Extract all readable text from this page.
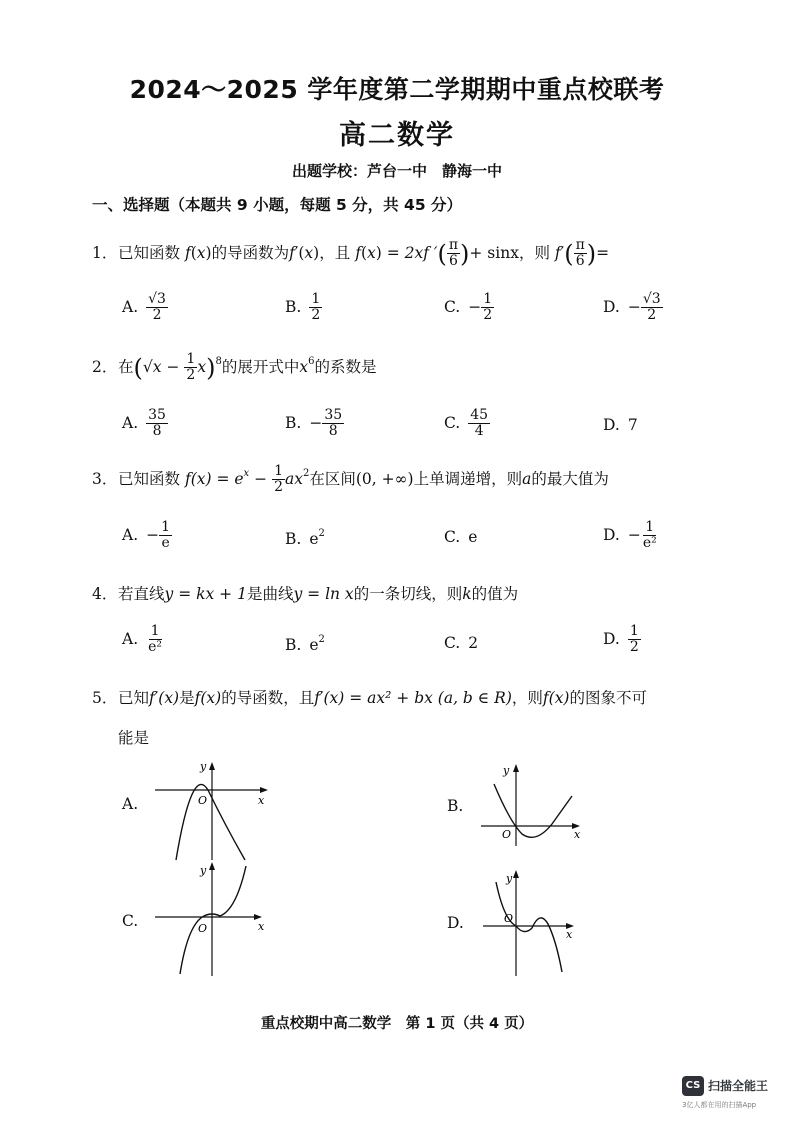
2024～2025 学年度第二学期期中重点校联考
高二数学
出题学校：芦台一中　静海一中
一、选择题（本题共 9 小题，每题 5 分，共 45 分）
1．已知函数 f(x)的导函数为f′(x)，且 f(x) = 2xf ′( $\frac{\pi}{6}$ )+ sinx，则 $f'( \frac{\pi}{6}$ )=
A. $\frac{√3}{2}$	B. $\frac{1}{2}$	C. − $\frac{1}{2}$	D. − $\frac{√3}{2}$
2．在$(√x - \frac{1}{2} x)^8$的展开式中$x^6$的系数是
A. $\frac{35}{8}$	B. − $\frac{35}{8}$	C. $\frac{45}{4}$	D. 7
3．已知函数 $f(x) = e^x - \frac{1}{2} ax^2$在区间(0, +∞)上单调递增，则a的最大值为
A. − $\frac{1}{e}$	B. $e^2$	C. e	D. − $\frac{1}{\text{e²}}$
4．若直线y = kx + 1是曲线y = ln x的一条切线，则k的值为
A. $\frac{1}{\text{e²}}$	B. $e^2$	C. 2	D. $\frac{1}{2}$
5．已知f′(x)是f(x)的导函数，且f′(x) = ax² + bx (a, b ∈ R)，则f(x)的图象不可
能是
A.	x
y
O	B.
x
y
O
C.	x
y
O	D.
x
y
O
重点校期中高二数学　第 1 页（共 4 页）
CS 扫描全能王
3亿人都在用的扫描App
